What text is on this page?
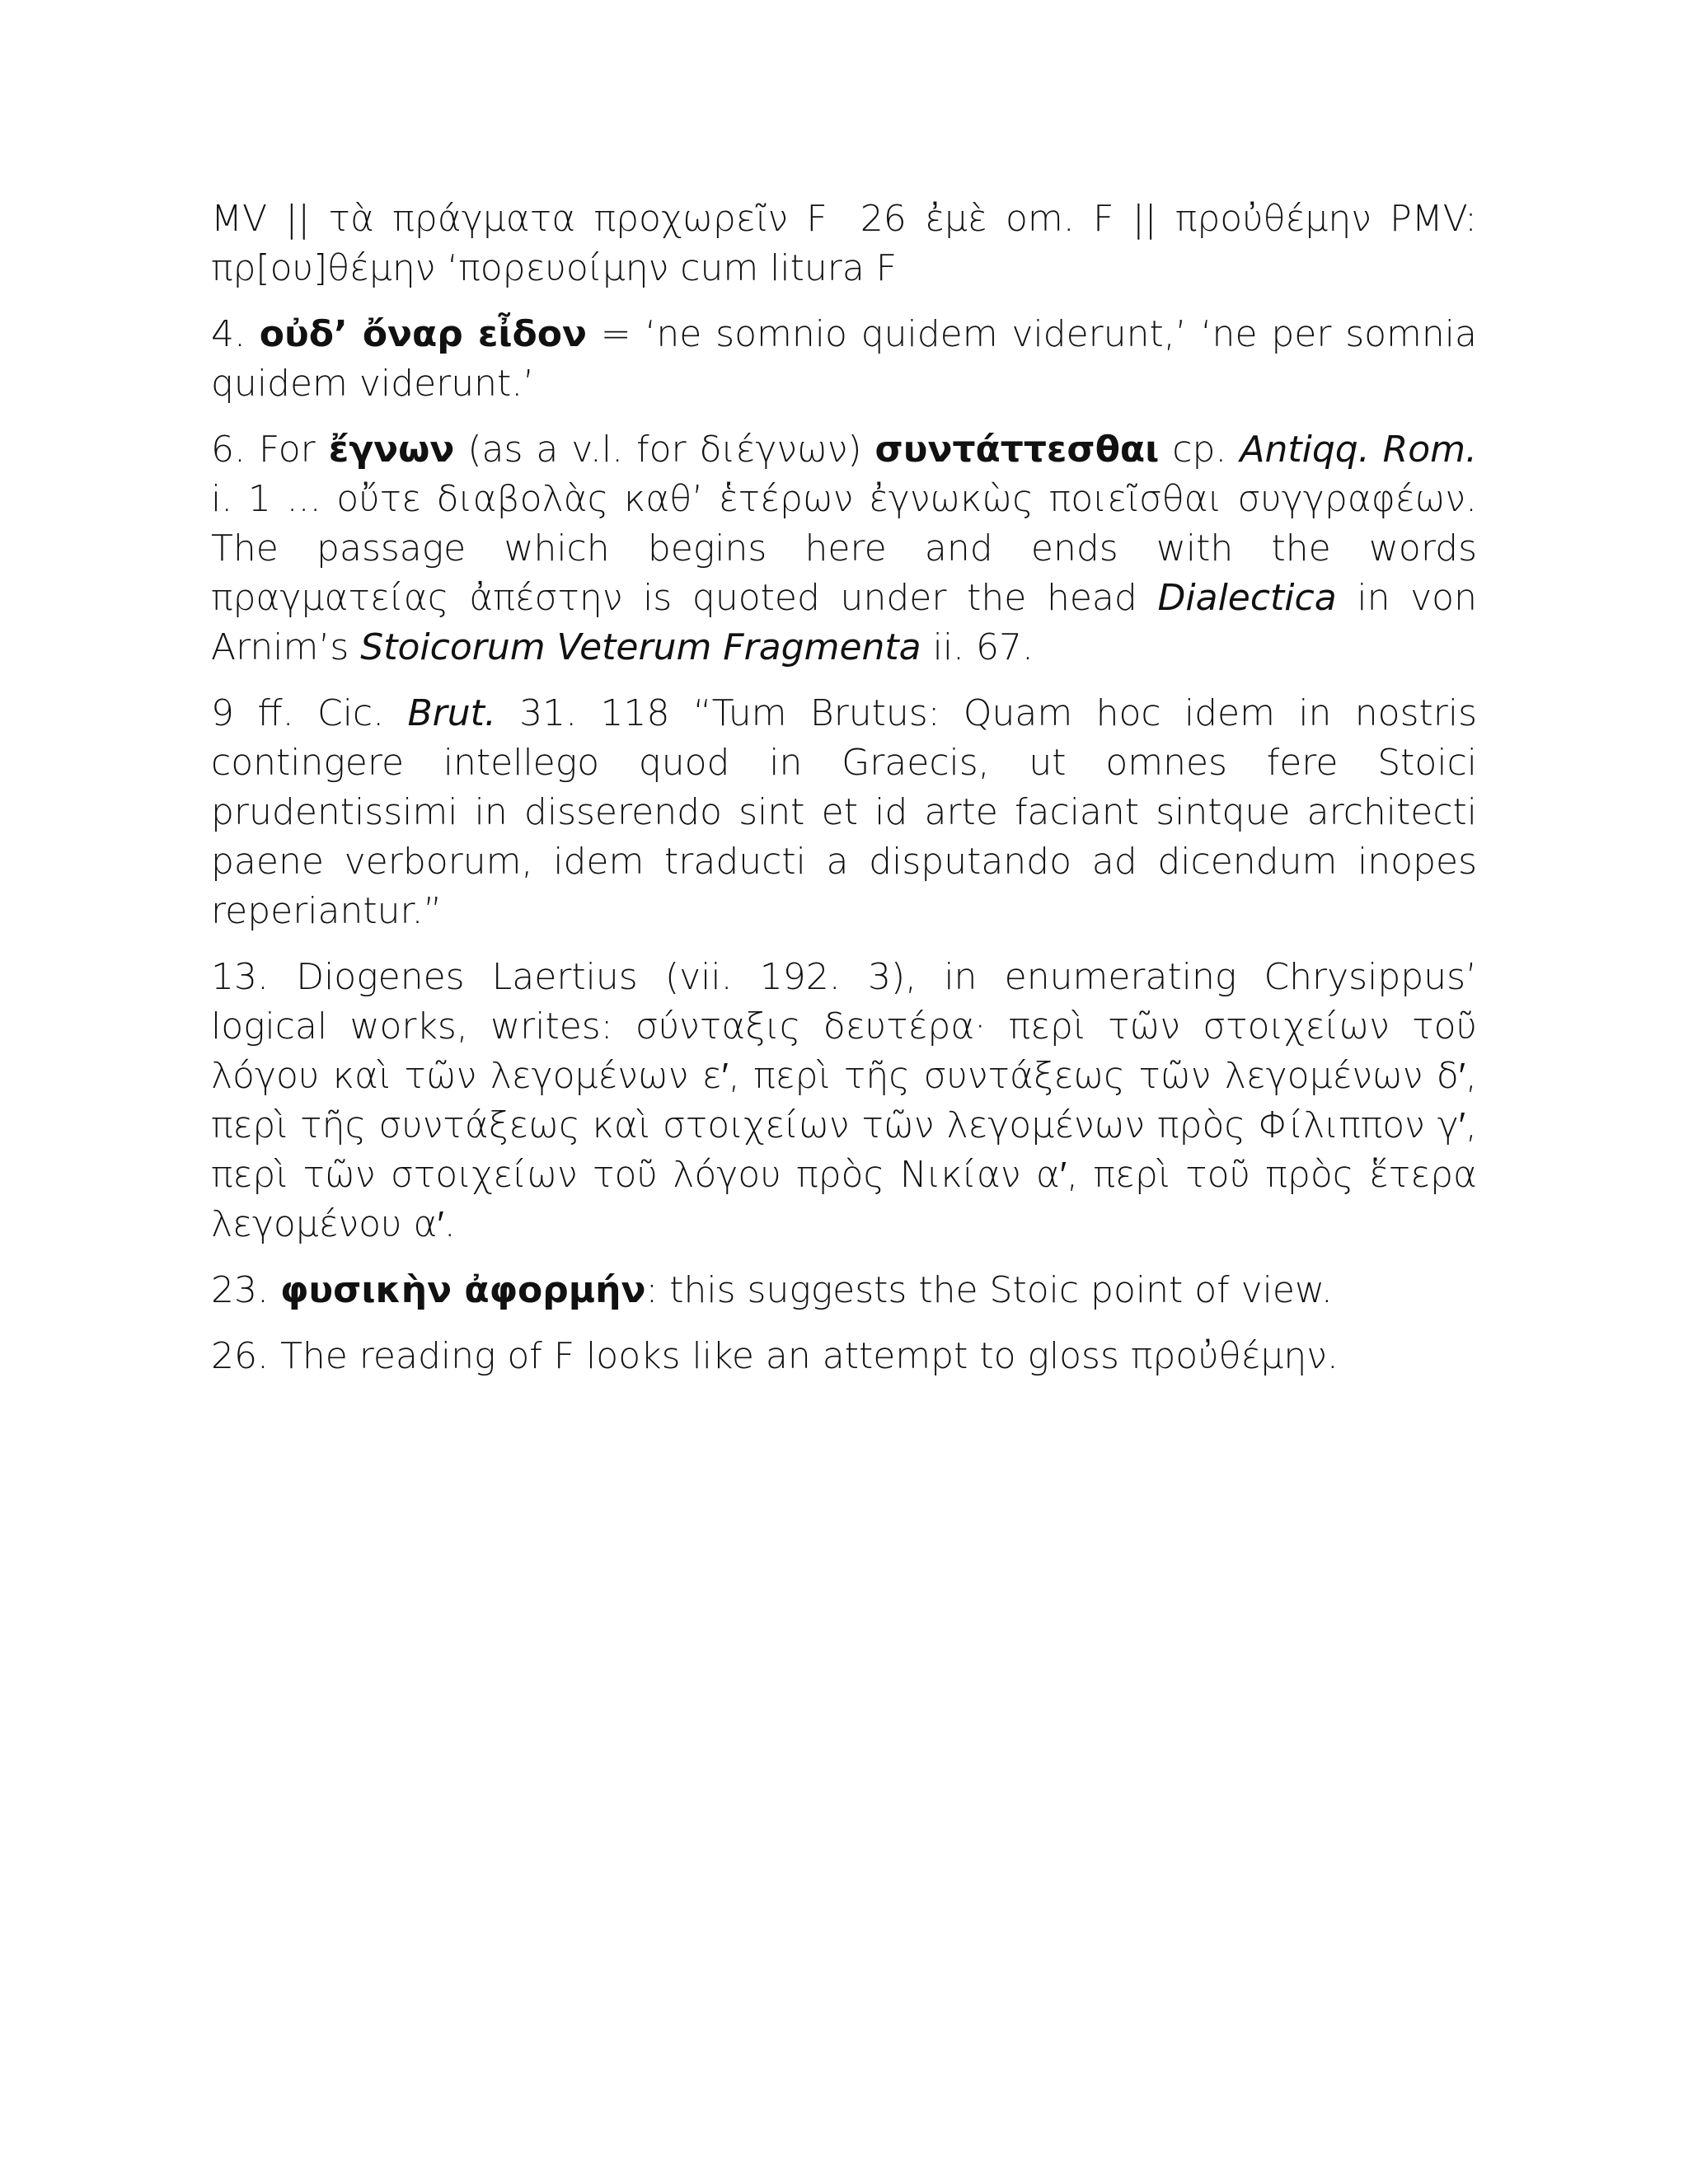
MV || τὰ πράγματα προχωρεῖν F 26 ἐμὲ om. F || προὐθέμην PMV: πρ[ου]θέμην ‘πορευοίμην cum litura F

4. οὐδ’ ὄναρ εἶδον = ‘ne somnio quidem viderunt,’ ‘ne per somnia quidem viderunt.’

6. For ἔγνων (as a v.l. for διέγνων) συντάττεσθαι cp. Antiqq. Rom. i. 1 ... οὔτε διαβολὰς καθ’ ἑτέρων ἐγνωκὼς ποιεῖσθαι συγγραφέων. The passage which begins here and ends with the words πραγματείας ἀπέστην is quoted under the head Dialectica in von Arnim’s Stoicorum Veterum Fragmenta ii. 67.

9 ff. Cic. Brut. 31. 118 “Tum Brutus: Quam hoc idem in nostris contingere intellego quod in Graecis, ut omnes fere Stoici prudentissimi in disserendo sint et id arte faciant sintque architecti paene verborum, idem traducti a disputando ad dicendum inopes reperiantur.”

13. Diogenes Laertius (vii. 192. 3), in enumerating Chrysippus’ logical works, writes: σύνταξις δευτέρα· περὶ τῶν στοιχείων τοῦ λόγου καὶ τῶν λεγομένων ε′, περὶ τῆς συντάξεως τῶν λεγομένων δ′, περὶ τῆς συντάξεως καὶ στοιχείων τῶν λεγομένων πρὸς Φίλιππον γ′, περὶ τῶν στοιχείων τοῦ λόγου πρὸς Νικίαν α′, περὶ τοῦ πρὸς ἕτερα λεγομένου α′.

23. φυσικὴν ἀφορμήν: this suggests the Stoic point of view.

26. The reading of F looks like an attempt to gloss προὐθέμην.
